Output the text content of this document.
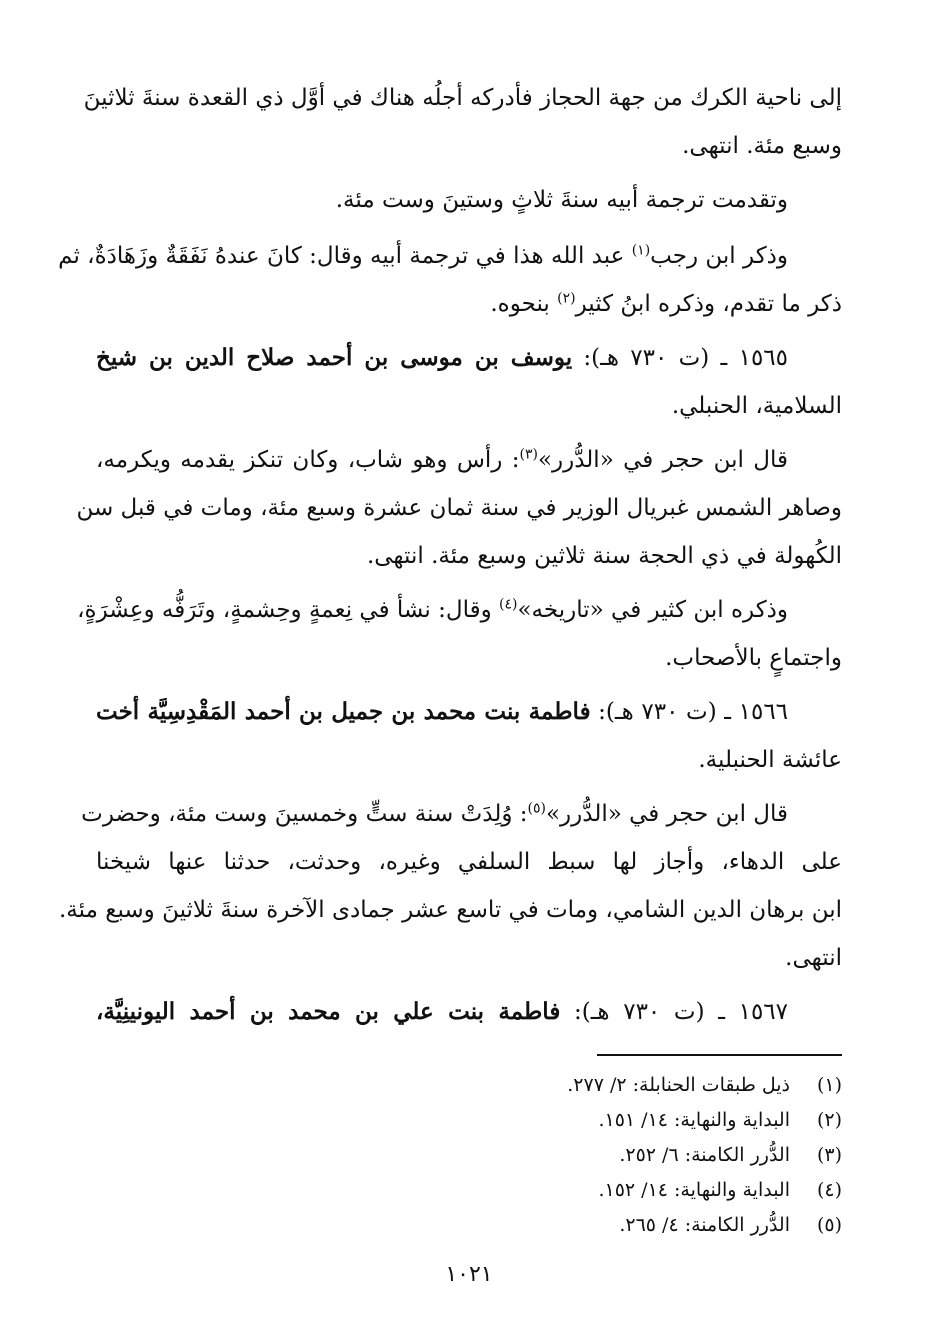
إلى ناحية الكرك من جهة الحجاز فأدركه أجلُه هناك في أوَّل ذي القعدة سنةَ ثلاثينَ
وسبع مئة. انتهى.
وتقدمت ترجمة أبيه سنةَ ثلاثٍ وستينَ وست مئة.
وذكر ابن رجب$^{(١)}$ عبد الله هذا في ترجمة أبيه وقال: كانَ عندهُ نَفَقَةٌ وزَهَادَةٌ، ثم
ذكر ما تقدم، وذكره ابنُ كثير$^{(٢)}$ بنحوه.
١٥٦٥ ـ (ت ٧٣٠ هـ): يوسف بن موسى بن أحمد صلاح الدين بن شيخ
السلامية، الحنبلي.
قال ابن حجر في «الدُّرر»$^{(٣)}$: رأس وهو شاب، وكان تنكز يقدمه ويكرمه،
وصاهر الشمس غبريال الوزير في سنة ثمان عشرة وسبع مئة، ومات في قبل سن
الكُهولة في ذي الحجة سنة ثلاثين وسبع مئة. انتهى.
وذكره ابن كثير في «تاريخه»$^{(٤)}$ وقال: نشأ في نِعمةٍ وحِشمةٍ، وتَرَفُّه وعِشْرَةٍ،
واجتماعٍ بالأصحاب.
١٥٦٦ ـ (ت ٧٣٠ هـ): فاطمة بنت محمد بن جميل بن أحمد المَقْدِسِيَّة أخت
عائشة الحنبلية.
قال ابن حجر في «الدُّرر»$^{(٥)}$: وُلِدَتْ سنة ستٍّ وخمسينَ وست مئة، وحضرت
على الدهاء، وأجاز لها سبط السلفي وغيره، وحدثت، حدثنا عنها شيخنا
ابن برهان الدين الشامي، ومات في تاسع عشر جمادى الآخرة سنةَ ثلاثينَ وسبع مئة.
انتهى.
١٥٦٧ ـ (ت ٧٣٠ هـ): فاطمة بنت علي بن محمد بن أحمد اليونينِيَّة،
(١)ذيل طبقات الحنابلة: ٢/ ٢٧٧.
(٢)البداية والنهاية: ١٤/ ١٥١.
(٣)الدُّرر الكامنة: ٦/ ٢٥٢.
(٤)البداية والنهاية: ١٤/ ١٥٢.
(٥)الدُّرر الكامنة: ٤/ ٢٦٥.
١٠٢١
